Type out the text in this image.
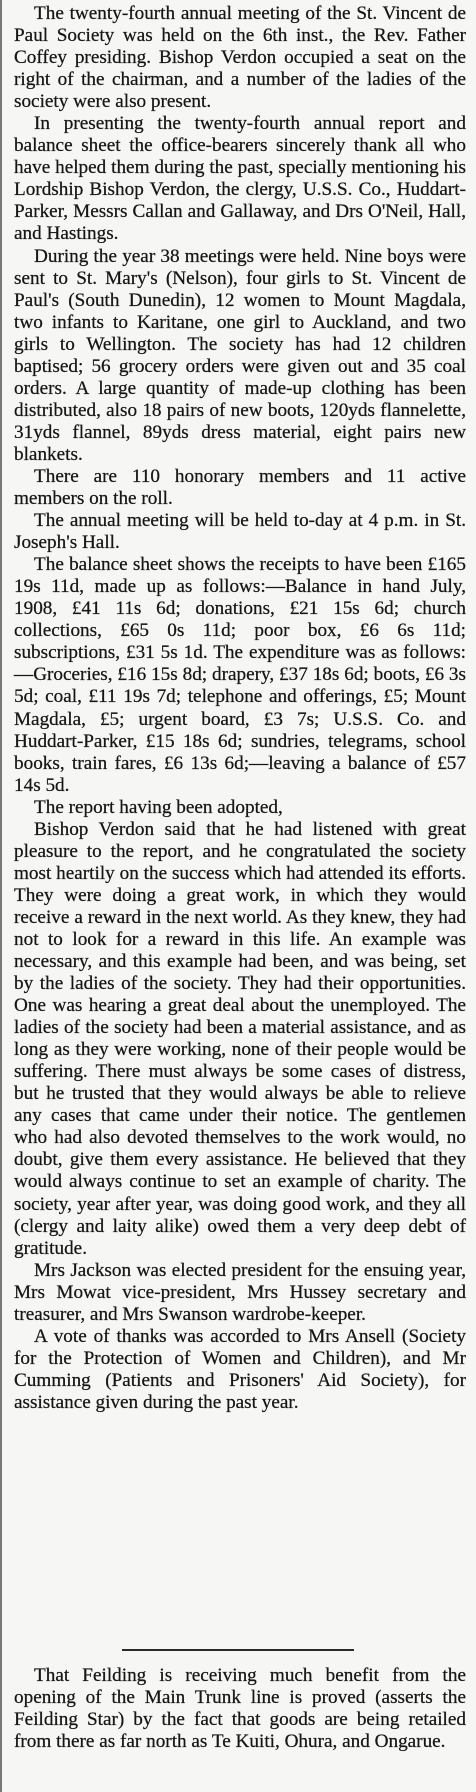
The twenty-fourth annual meeting of the St. Vincent de Paul Society was held on the 6th inst., the Rev. Father Coffey presiding. Bishop Verdon occupied a seat on the right of the chairman, and a number of the ladies of the society were also present.

In presenting the twenty-fourth annual report and balance sheet the office-bearers sincerely thank all who have helped them during the past, specially mentioning his Lordship Bishop Verdon, the clergy, U.S.S. Co., Huddart-Parker, Messrs Callan and Gallaway, and Drs O'Neil, Hall, and Hastings.

During the year 38 meetings were held. Nine boys were sent to St. Mary's (Nelson), four girls to St. Vincent de Paul's (South Dunedin), 12 women to Mount Magdala, two infants to Karitane, one girl to Auckland, and two girls to Wellington. The society has had 12 children baptised; 56 grocery orders were given out and 35 coal orders. A large quantity of made-up clothing has been distributed, also 18 pairs of new boots, 120yds flannelette, 31yds flannel, 89yds dress material, eight pairs new blankets.

There are 110 honorary members and 11 active members on the roll.

The annual meeting will be held to-day at 4 p.m. in St. Joseph's Hall.

The balance sheet shows the receipts to have been £165 19s 11d, made up as follows:—Balance in hand July, 1908, £41 11s 6d; donations, £21 15s 6d; church collections, £65 0s 11d; poor box, £6 6s 11d; subscriptions, £31 5s 1d. The expenditure was as follows:—Groceries, £16 15s 8d; drapery, £37 18s 6d; boots, £6 3s 5d; coal, £11 19s 7d; telephone and offerings, £5; Mount Magdala, £5; urgent board, £3 7s; U.S.S. Co. and Huddart-Parker, £15 18s 6d; sundries, telegrams, school books, train fares, £6 13s 6d;—leaving a balance of £57 14s 5d.

The report having been adopted,

Bishop Verdon said that he had listened with great pleasure to the report, and he congratulated the society most heartily on the success which had attended its efforts. They were doing a great work, in which they would receive a reward in the next world. As they knew, they had not to look for a reward in this life. An example was necessary, and this example had been, and was being, set by the ladies of the society. They had their opportunities. One was hearing a great deal about the unemployed. The ladies of the society had been a material assistance, and as long as they were working, none of their people would be suffering. There must always be some cases of distress, but he trusted that they would always be able to relieve any cases that came under their notice. The gentlemen who had also devoted themselves to the work would, no doubt, give them every assistance. He believed that they would always continue to set an example of charity. The society, year after year, was doing good work, and they all (clergy and laity alike) owed them a very deep debt of gratitude.

Mrs Jackson was elected president for the ensuing year, Mrs Mowat vice-president, Mrs Hussey secretary and treasurer, and Mrs Swanson wardrobe-keeper.

A vote of thanks was accorded to Mrs Ansell (Society for the Protection of Women and Children), and Mr Cumming (Patients and Prisoners' Aid Society), for assistance given during the past year.

That Feilding is receiving much benefit from the opening of the Main Trunk line is proved (asserts the Feilding Star) by the fact that goods are being retailed from there as far north as Te Kuiti, Ohura, and Ongarue.
